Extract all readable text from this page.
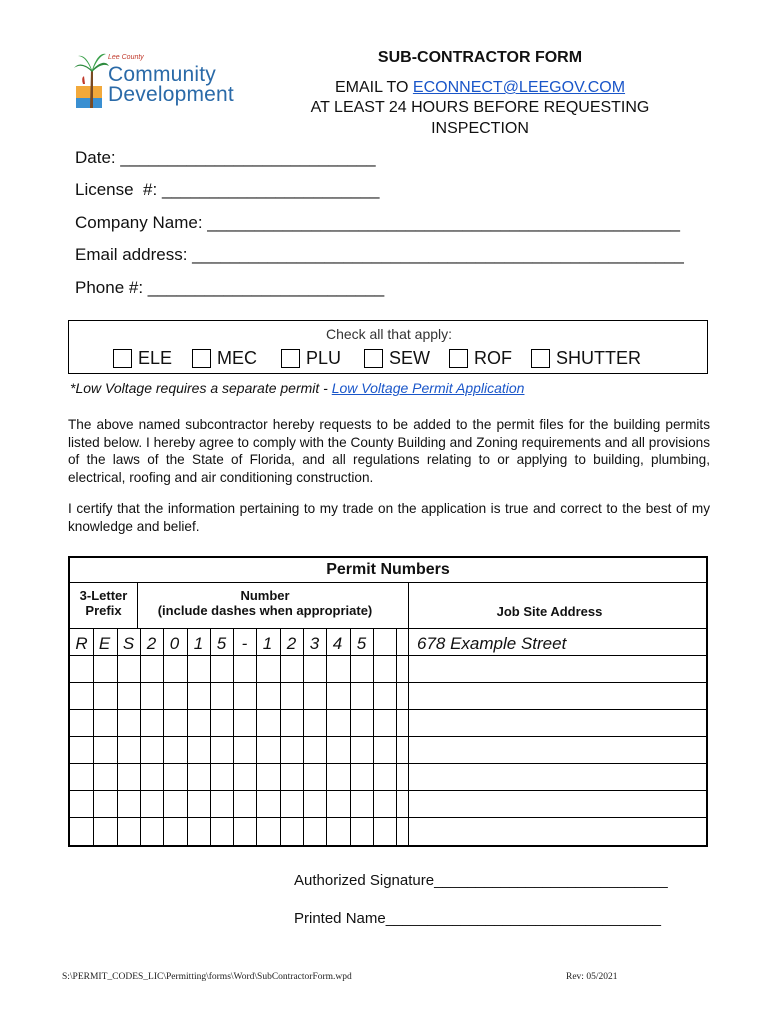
Lee County
Community
Development
SUB-CONTRACTOR FORM
EMAIL TO ECONNECT@LEEGOV.COM
AT LEAST 24 HOURS BEFORE REQUESTING
INSPECTION
Date: ___________________________
License  #: _______________________
Company Name: __________________________________________________
Email address: ____________________________________________________
Phone #: _________________________
Check all that apply:
ELE MEC	PLU	SEW ROF SHUTTER
*Low Voltage requires a separate permit - Low Voltage Permit Application
The above named subcontractor hereby requests to be added to the permit files for the building permits listed below. I hereby agree to comply with the County Building and Zoning requirements and all provisions of the laws of the State of Florida, and all regulations relating to or applying to building, plumbing, electrical, roofing and air conditioning construction.
I certify that the information pertaining to my trade on the application is true and correct to the best of my knowledge and belief.
Permit Numbers
3-Letter
Prefix
Number
(include dashes when appropriate)	Job Site Address
R E S 2 0 1 5 - 1 2 3 4 5	678 Example Street
Authorized Signature____________________________
Printed Name_________________________________
S:\PERMIT_CODES_LIC\Permitting\forms\Word\SubContractorForm.wpd	Rev: 05/2021
